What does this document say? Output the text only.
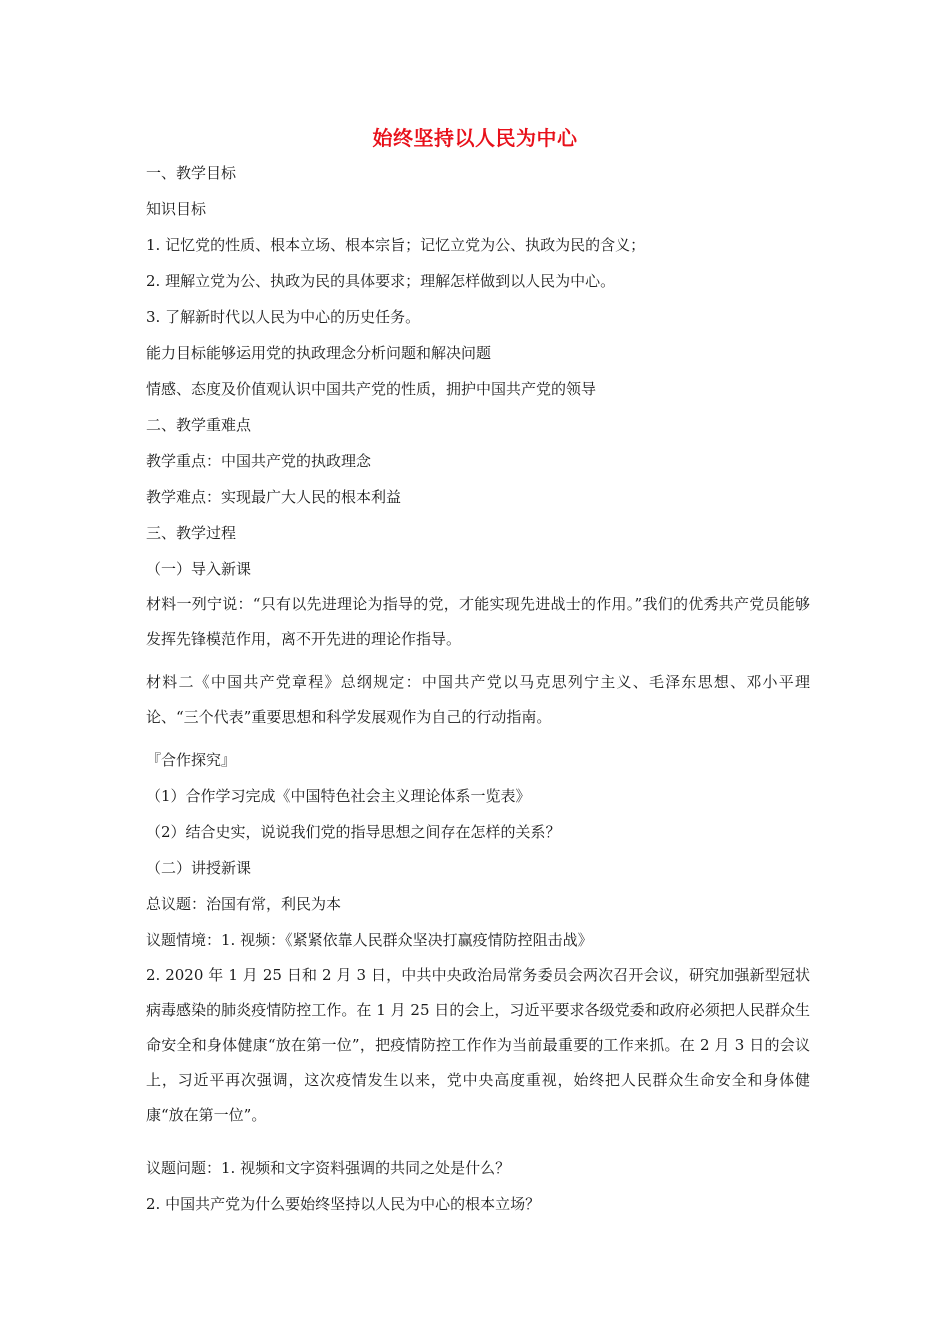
始终坚持以人民为中心
一、教学目标
知识目标
1. 记忆党的性质、根本立场、根本宗旨；记忆立党为公、执政为民的含义；
2. 理解立党为公、执政为民的具体要求；理解怎样做到以人民为中心。
3. 了解新时代以人民为中心的历史任务。
能力目标能够运用党的执政理念分析问题和解决问题
情感、态度及价值观认识中国共产党的性质，拥护中国共产党的领导
二、教学重难点
教学重点：中国共产党的执政理念
教学难点：实现最广大人民的根本利益
三、教学过程
（一）导入新课
材料一列宁说：“只有以先进理论为指导的党，才能实现先进战士的作用。”我们的优秀共产党员能够发挥先锋模范作用，离不开先进的理论作指导。
材料二《中国共产党章程》总纲规定：中国共产党以马克思列宁主义、毛泽东思想、邓小平理论、“三个代表”重要思想和科学发展观作为自己的行动指南。
『合作探究』
（1）合作学习完成《中国特色社会主义理论体系一览表》
（2）结合史实，说说我们党的指导思想之间存在怎样的关系？
（二）讲授新课
总议题：治国有常，利民为本
议题情境：1. 视频：《紧紧依靠人民群众坚决打赢疫情防控阻击战》
2. 2020 年 1 月 25 日和 2 月 3 日，中共中央政治局常务委员会两次召开会议，研究加强新型冠状病毒感染的肺炎疫情防控工作。在 1 月 25 日的会上，习近平要求各级党委和政府必须把人民群众生命安全和身体健康“放在第一位”，把疫情防控工作作为当前最重要的工作来抓。在 2 月 3 日的会议上，习近平再次强调，这次疫情发生以来，党中央高度重视，始终把人民群众生命安全和身体健康“放在第一位”。
议题问题：1. 视频和文字资料强调的共同之处是什么？
2. 中国共产党为什么要始终坚持以人民为中心的根本立场？
